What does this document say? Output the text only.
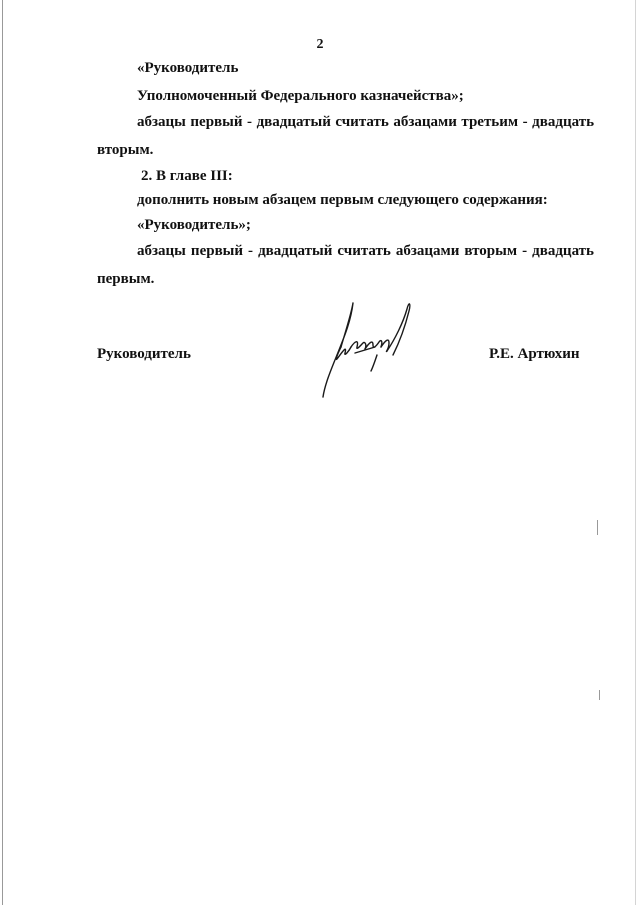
2
«Руководитель
Уполномоченный Федерального казначейства»;
абзацы первый - двадцатый считать абзацами третьим - двадцать вторым.
2. В главе III:
дополнить новым абзацем первым следующего содержания:
«Руководитель»;
абзацы первый - двадцатый считать абзацами вторым - двадцать первым.
Руководитель	Р.Е. Артюхин
